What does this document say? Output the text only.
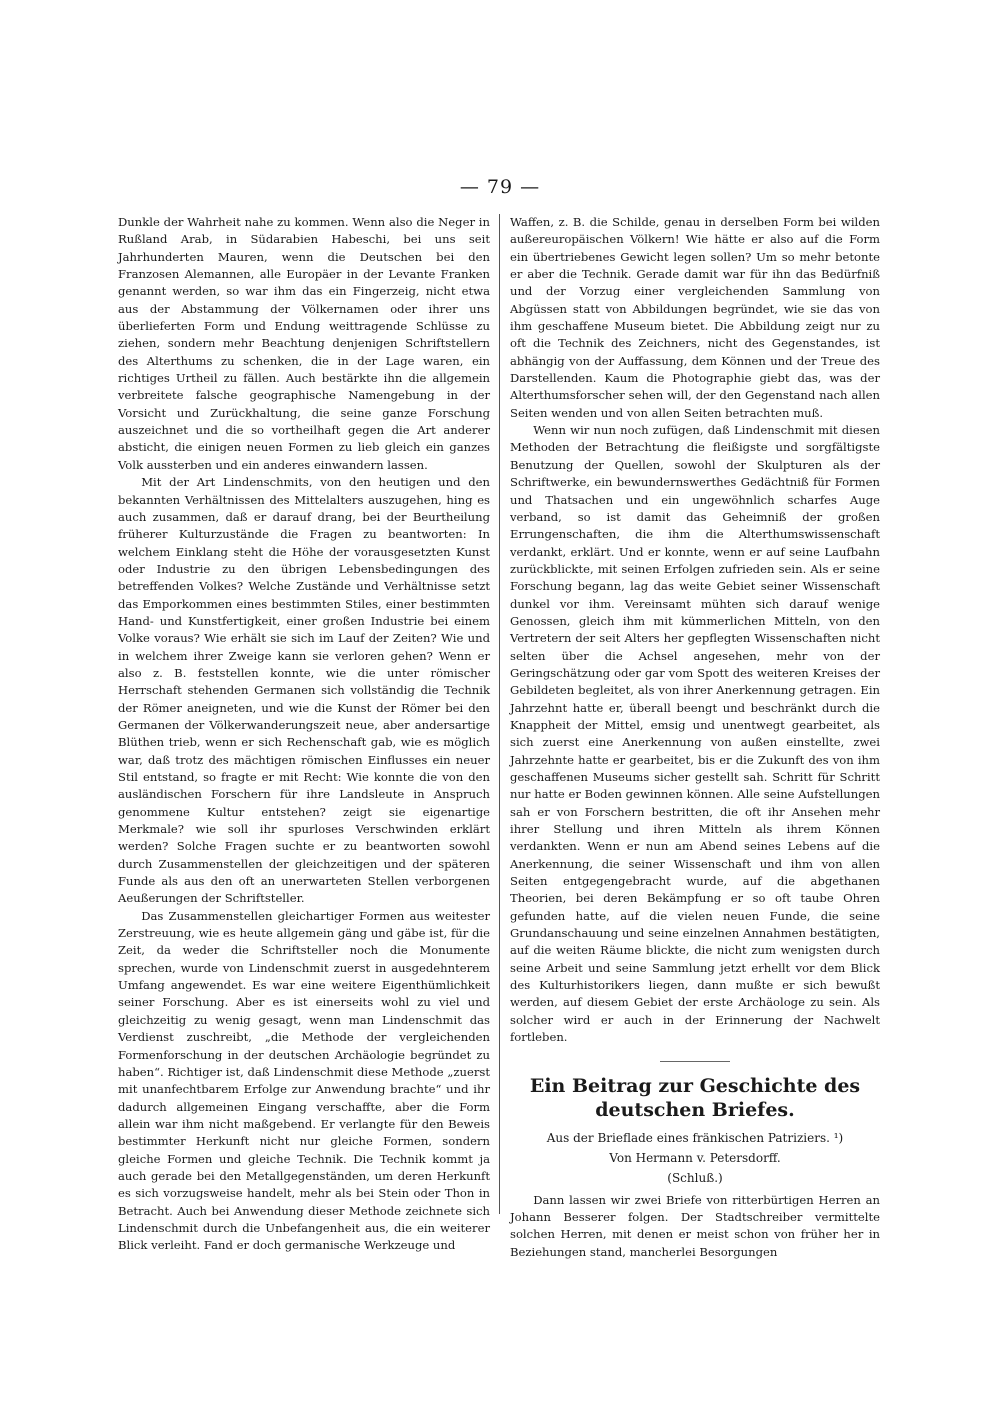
— 79 —

Dunkle der Wahrheit nahe zu kommen. Wenn also die Neger in Rußland Arab, in Südarabien Habeschi, bei uns seit Jahrhunderten Mauren, wenn die Deutschen bei den Franzosen Alemannen, alle Europäer in der Levante Franken genannt werden, so war ihm das ein Fingerzeig, nicht etwa aus der Abstammung der Völkernamen oder ihrer uns überlieferten Form und Endung weittragende Schlüsse zu ziehen, sondern mehr Beachtung denjenigen Schriftstellern des Alterthums zu schenken, die in der Lage waren, ein richtiges Urtheil zu fällen. Auch bestärkte ihn die allgemein verbreitete falsche geographische Namengebung in der Vorsicht und Zurückhaltung, die seine ganze Forschung auszeichnet und die so vortheilhaft gegen die Art anderer absticht, die einigen neuen Formen zu lieb gleich ein ganzes Volk aussterben und ein anderes einwandern lassen.

Mit der Art Lindenschmits, von den heutigen und den bekannten Verhältnissen des Mittelalters auszugehen, hing es auch zusammen, daß er darauf drang, bei der Beurtheilung früherer Kulturzustände die Fragen zu beantworten: In welchem Einklang steht die Höhe der vorausgesetzten Kunst oder Industrie zu den übrigen Lebensbedingungen des betreffenden Volkes? Welche Zustände und Verhältnisse setzt das Emporkommen eines bestimmten Stiles, einer bestimmten Hand- und Kunstfertigkeit, einer großen Industrie bei einem Volke voraus? Wie erhält sie sich im Lauf der Zeiten? Wie und in welchem ihrer Zweige kann sie verloren gehen? Wenn er also z. B. feststellen konnte, wie die unter römischer Herrschaft stehenden Germanen sich vollständig die Technik der Römer aneigneten, und wie die Kunst der Römer bei den Germanen der Völkerwanderungszeit neue, aber andersartige Blüthen trieb, wenn er sich Rechenschaft gab, wie es möglich war, daß trotz des mächtigen römischen Einflusses ein neuer Stil entstand, so fragte er mit Recht: Wie konnte die von den ausländischen Forschern für ihre Landsleute in Anspruch genommene Kultur entstehen? zeigt sie eigenartige Merkmale? wie soll ihr spurloses Verschwinden erklärt werden? Solche Fragen suchte er zu beantworten sowohl durch Zusammenstellen der gleichzeitigen und der späteren Funde als aus den oft an unerwarteten Stellen verborgenen Aeußerungen der Schriftsteller.

Das Zusammenstellen gleichartiger Formen aus weitester Zerstreuung, wie es heute allgemein gäng und gäbe ist, für die Zeit, da weder die Schriftsteller noch die Monumente sprechen, wurde von Lindenschmit zuerst in ausgedehnterem Umfang angewendet. Es war eine weitere Eigenthümlichkeit seiner Forschung. Aber es ist einerseits wohl zu viel und gleichzeitig zu wenig gesagt, wenn man Lindenschmit das Verdienst zuschreibt, „die Methode der vergleichenden Formenforschung in der deutschen Archäologie begründet zu haben“. Richtiger ist, daß Lindenschmit diese Methode „zuerst mit unanfechtbarem Erfolge zur Anwendung brachte“ und ihr dadurch allgemeinen Eingang verschaffte, aber die Form allein war ihm nicht maßgebend. Er verlangte für den Beweis bestimmter Herkunft nicht nur gleiche Formen, sondern gleiche Formen und gleiche Technik. Die Technik kommt ja auch gerade bei den Metallgegenständen, um deren Herkunft es sich vorzugsweise handelt, mehr als bei Stein oder Thon in Betracht. Auch bei Anwendung dieser Methode zeichnete sich Lindenschmit durch die Unbefangenheit aus, die ein weiterer Blick verleiht. Fand er doch germanische Werkzeuge und

Waffen, z. B. die Schilde, genau in derselben Form bei wilden außereuropäischen Völkern! Wie hätte er also auf die Form ein übertriebenes Gewicht legen sollen? Um so mehr betonte er aber die Technik. Gerade damit war für ihn das Bedürfniß und der Vorzug einer vergleichenden Sammlung von Abgüssen statt von Abbildungen begründet, wie sie das von ihm geschaffene Museum bietet. Die Abbildung zeigt nur zu oft die Technik des Zeichners, nicht des Gegenstandes, ist abhängig von der Auffassung, dem Können und der Treue des Darstellenden. Kaum die Photographie giebt das, was der Alterthumsforscher sehen will, der den Gegenstand nach allen Seiten wenden und von allen Seiten betrachten muß.

Wenn wir nun noch zufügen, daß Lindenschmit mit diesen Methoden der Betrachtung die fleißigste und sorgfältigste Benutzung der Quellen, sowohl der Skulpturen als der Schriftwerke, ein bewundernswerthes Gedächtniß für Formen und Thatsachen und ein ungewöhnlich scharfes Auge verband, so ist damit das Geheimniß der großen Errungenschaften, die ihm die Alterthumswissenschaft verdankt, erklärt. Und er konnte, wenn er auf seine Laufbahn zurückblickte, mit seinen Erfolgen zufrieden sein. Als er seine Forschung begann, lag das weite Gebiet seiner Wissenschaft dunkel vor ihm. Vereinsamt mühten sich darauf wenige Genossen, gleich ihm mit kümmerlichen Mitteln, von den Vertretern der seit Alters her gepflegten Wissenschaften nicht selten über die Achsel angesehen, mehr von der Geringschätzung oder gar vom Spott des weiteren Kreises der Gebildeten begleitet, als von ihrer Anerkennung getragen. Ein Jahrzehnt hatte er, überall beengt und beschränkt durch die Knappheit der Mittel, emsig und unentwegt gearbeitet, als sich zuerst eine Anerkennung von außen einstellte, zwei Jahrzehnte hatte er gearbeitet, bis er die Zukunft des von ihm geschaffenen Museums sicher gestellt sah. Schritt für Schritt nur hatte er Boden gewinnen können. Alle seine Aufstellungen sah er von Forschern bestritten, die oft ihr Ansehen mehr ihrer Stellung und ihren Mitteln als ihrem Können verdankten. Wenn er nun am Abend seines Lebens auf die Anerkennung, die seiner Wissenschaft und ihm von allen Seiten entgegengebracht wurde, auf die abgethanen Theorien, bei deren Bekämpfung er so oft taube Ohren gefunden hatte, auf die vielen neuen Funde, die seine Grundanschauung und seine einzelnen Annahmen bestätigten, auf die weiten Räume blickte, die nicht zum wenigsten durch seine Arbeit und seine Sammlung jetzt erhellt vor dem Blick des Kulturhistorikers liegen, dann mußte er sich bewußt werden, auf diesem Gebiet der erste Archäologe zu sein. Als solcher wird er auch in der Erinnerung der Nachwelt fortleben.

Ein Beitrag zur Geschichte des deutschen Briefes.
Aus der Brieflade eines fränkischen Patriziers. ¹)
Von Hermann v. Petersdorff.
(Schluß.)

Dann lassen wir zwei Briefe von ritterbürtigen Herren an Johann Besserer folgen. Der Stadtschreiber vermittelte solchen Herren, mit denen er meist schon von früher her in Beziehungen stand, mancherlei Besorgungen
